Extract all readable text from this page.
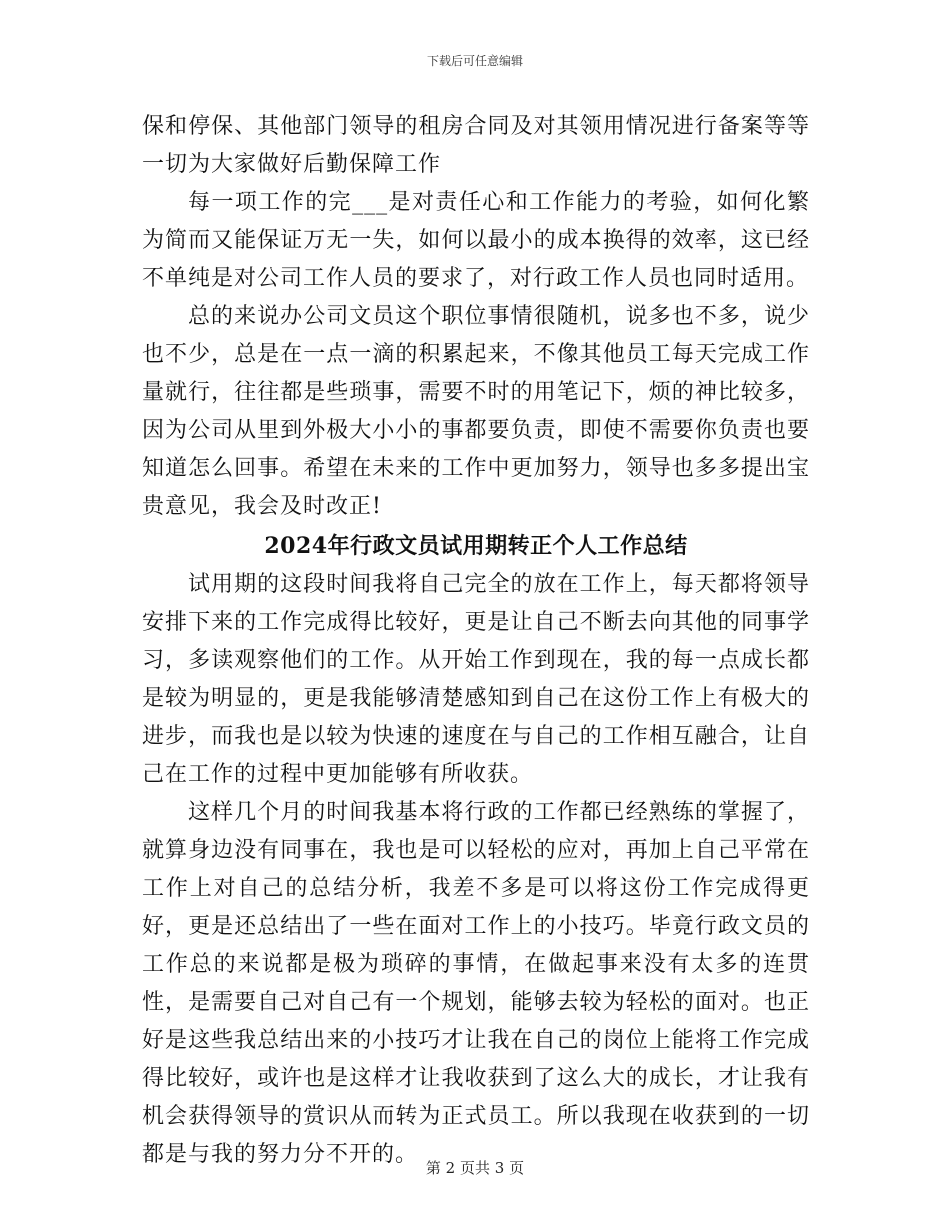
下载后可任意编辑

保和停保、其他部门领导的租房合同及对其领用情况进行备案等等一切为大家做好后勤保障工作

每一项工作的完___是对责任心和工作能力的考验，如何化繁为简而又能保证万无一失，如何以最小的成本换得的效率，这已经不单纯是对公司工作人员的要求了，对行政工作人员也同时适用。

总的来说办公司文员这个职位事情很随机，说多也不多，说少也不少，总是在一点一滴的积累起来，不像其他员工每天完成工作量就行，往往都是些琐事，需要不时的用笔记下，烦的神比较多，因为公司从里到外极大小小的事都要负责，即使不需要你负责也要知道怎么回事。希望在未来的工作中更加努力，领导也多多提出宝贵意见，我会及时改正!

2024年行政文员试用期转正个人工作总结

试用期的这段时间我将自己完全的放在工作上，每天都将领导安排下来的工作完成得比较好，更是让自己不断去向其他的同事学习，多读观察他们的工作。从开始工作到现在，我的每一点成长都是较为明显的，更是我能够清楚感知到自己在这份工作上有极大的进步，而我也是以较为快速的速度在与自己的工作相互融合，让自己在工作的过程中更加能够有所收获。

这样几个月的时间我基本将行政的工作都已经熟练的掌握了，就算身边没有同事在，我也是可以轻松的应对，再加上自己平常在工作上对自己的总结分析，我差不多是可以将这份工作完成得更好，更是还总结出了一些在面对工作上的小技巧。毕竟行政文员的工作总的来说都是极为琐碎的事情，在做起事来没有太多的连贯性，是需要自己对自己有一个规划，能够去较为轻松的面对。也正好是这些我总结出来的小技巧才让我在自己的岗位上能将工作完成得比较好，或许也是这样才让我收获到了这么大的成长，才让我有机会获得领导的赏识从而转为正式员工。所以我现在收获到的一切都是与我的努力分不开的。

第 2 页共 3 页
